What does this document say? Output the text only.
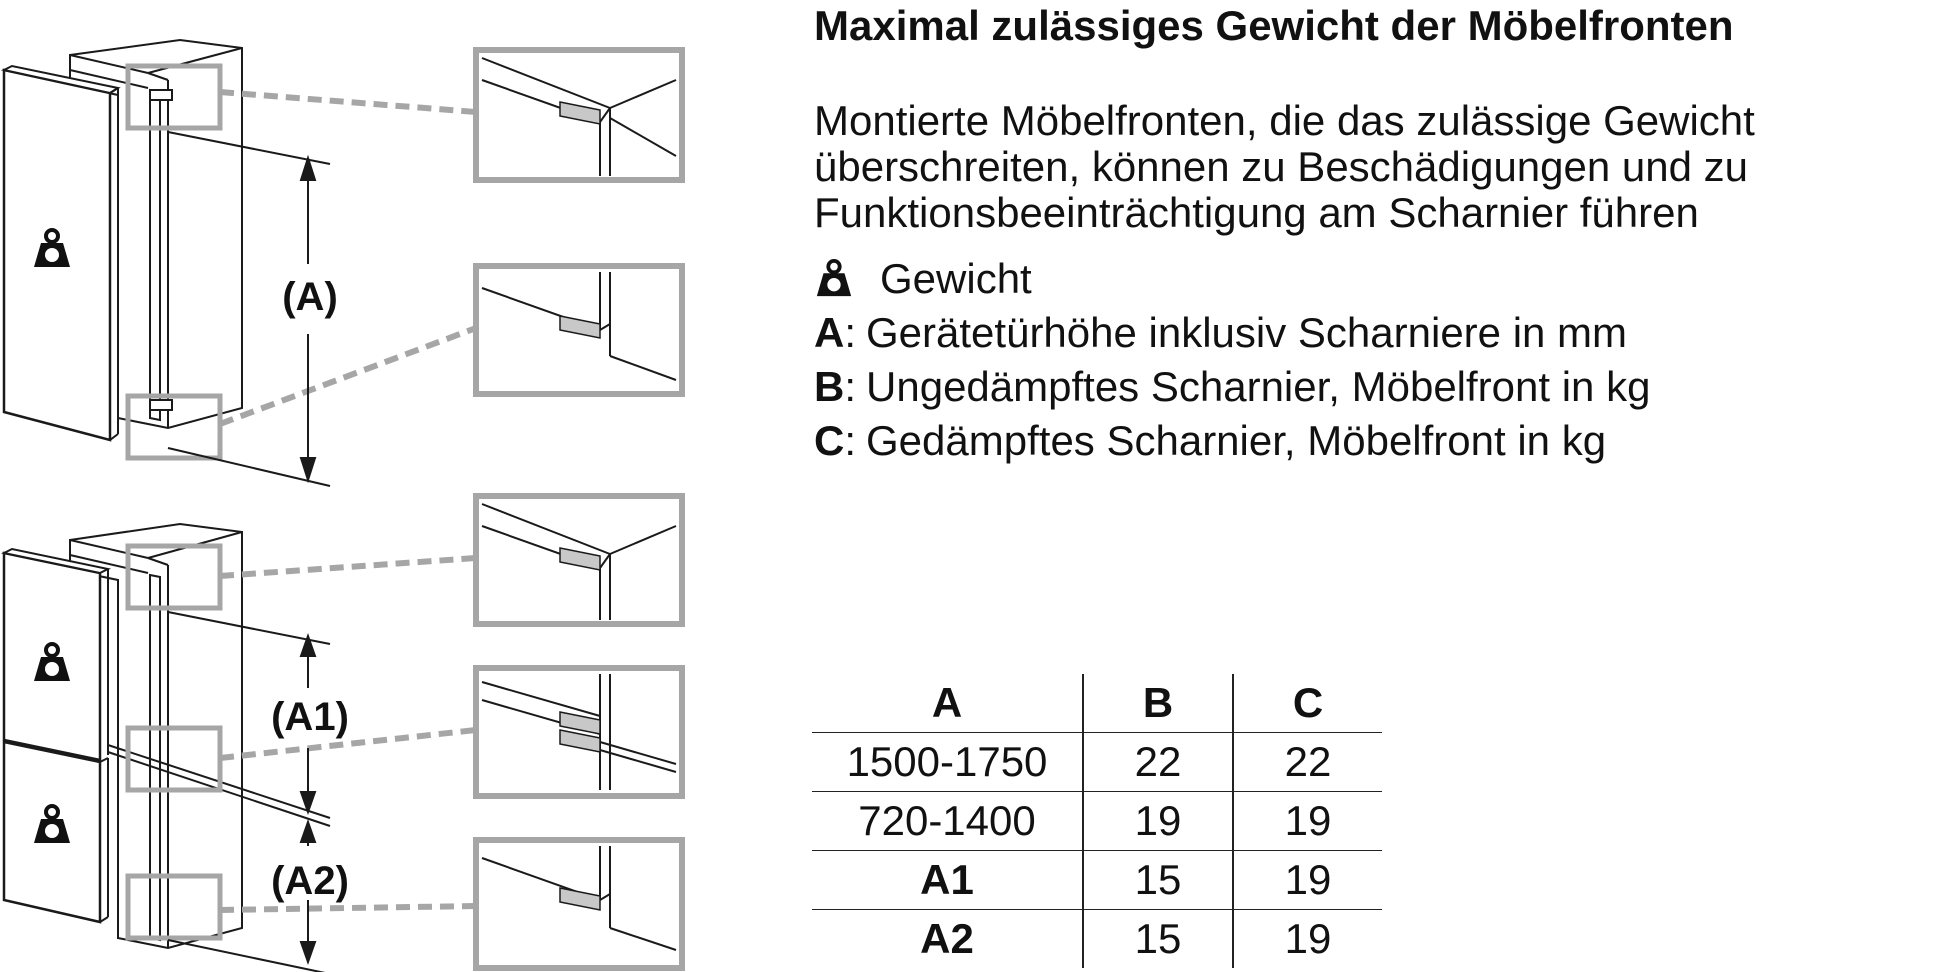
(A)
(A1)
(A2)
Maximal zulässiges Gewicht der Möbelfronten
Montierte Möbelfronten, die das zulässige Gewicht
überschreiten, können zu Beschädigungen und zu
Funktionsbeeinträchtigung am Scharnier führen
Gewicht
A : Gerätetürhöhe inklusiv Scharniere in mm
B : Ungedämpftes Scharnier, Möbelfront in kg
C : Gedämpftes Scharnier, Möbelfront in kg
A	B	C
1500-1750	22	22
720-1400	19	19
A1	15	19
A2	15	19
